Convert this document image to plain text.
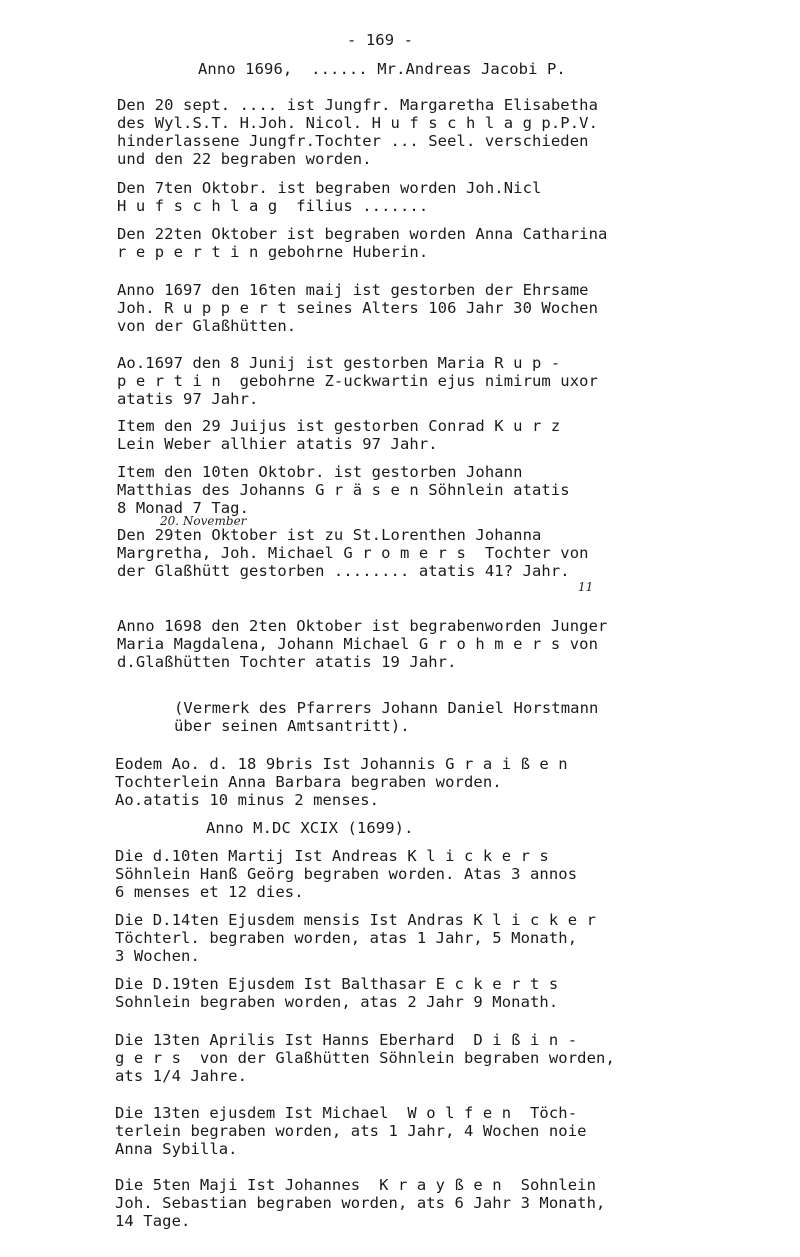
- 169 -
Anno 1696,  ...... Mr.Andreas Jacobi P.
Den 20 sept. .... ist Jungfr. Margaretha Elisabetha
des Wyl.S.T. H.Joh. Nicol. H u f s c h l a g p.P.V.
hinderlassene Jungfr.Tochter ... Seel. verschieden
und den 22 begraben worden.
Den 7ten Oktobr. ist begraben worden Joh.Nicl
H u f s c h l a g  filius .......
Den 22ten Oktober ist begraben worden Anna Catharina
r e p e r t i n gebohrne Huberin.
Anno 1697 den 16ten maij ist gestorben der Ehrsame
Joh. R u p p e r t seines Alters 106 Jahr 30 Wochen
von der Glaßhütten.
Ao.1697 den 8 Junij ist gestorben Maria R u p -
p e r t i n  gebohrne Z-uckwartin ejus nimirum uxor
atatis 97 Jahr.
Item den 29 Juijus ist gestorben Conrad K u r z
Lein Weber allhier atatis 97 Jahr.
Item den 10ten Oktobr. ist gestorben Johann
Matthias des Johanns G r ä s e n Söhnlein atatis
8 Monad 7 Tag.
20. November
Den 29ten Oktober ist zu St.Lorenthen Johanna
Margretha, Joh. Michael G r o m e r s  Tochter von
der Glaßhütt gestorben ........ atatis 41? Jahr.
11
Anno 1698 den 2ten Oktober ist begrabenworden Junger
Maria Magdalena, Johann Michael G r o h m e r s von
d.Glaßhütten Tochter atatis 19 Jahr.
(Vermerk des Pfarrers Johann Daniel Horstmann
über seinen Amtsantritt).
Eodem Ao. d. 18 9bris Ist Johannis G r a i ß e n
Tochterlein Anna Barbara begraben worden.
Ao.atatis 10 minus 2 menses.
Anno M.DC XCIX (1699).
Die d.10ten Martij Ist Andreas K l i c k e r s
Söhnlein Hanß Geörg begraben worden. Atas 3 annos
6 menses et 12 dies.
Die D.14ten Ejusdem mensis Ist Andras K l i c k e r
Töchterl. begraben worden, atas 1 Jahr, 5 Monath,
3 Wochen.
Die D.19ten Ejusdem Ist Balthasar E c k e r t s
Sohnlein begraben worden, atas 2 Jahr 9 Monath.
Die 13ten Aprilis Ist Hanns Eberhard  D i ß i n -
g e r s  von der Glaßhütten Söhnlein begraben worden,
ats 1/4 Jahre.
Die 13ten ejusdem Ist Michael  W o l f e n  Töch-
terlein begraben worden, ats 1 Jahr, 4 Wochen noie
Anna Sybilla.
Die 5ten Maji Ist Johannes  K r a y ß e n  Sohnlein
Joh. Sebastian begraben worden, ats 6 Jahr 3 Monath,
14 Tage.
